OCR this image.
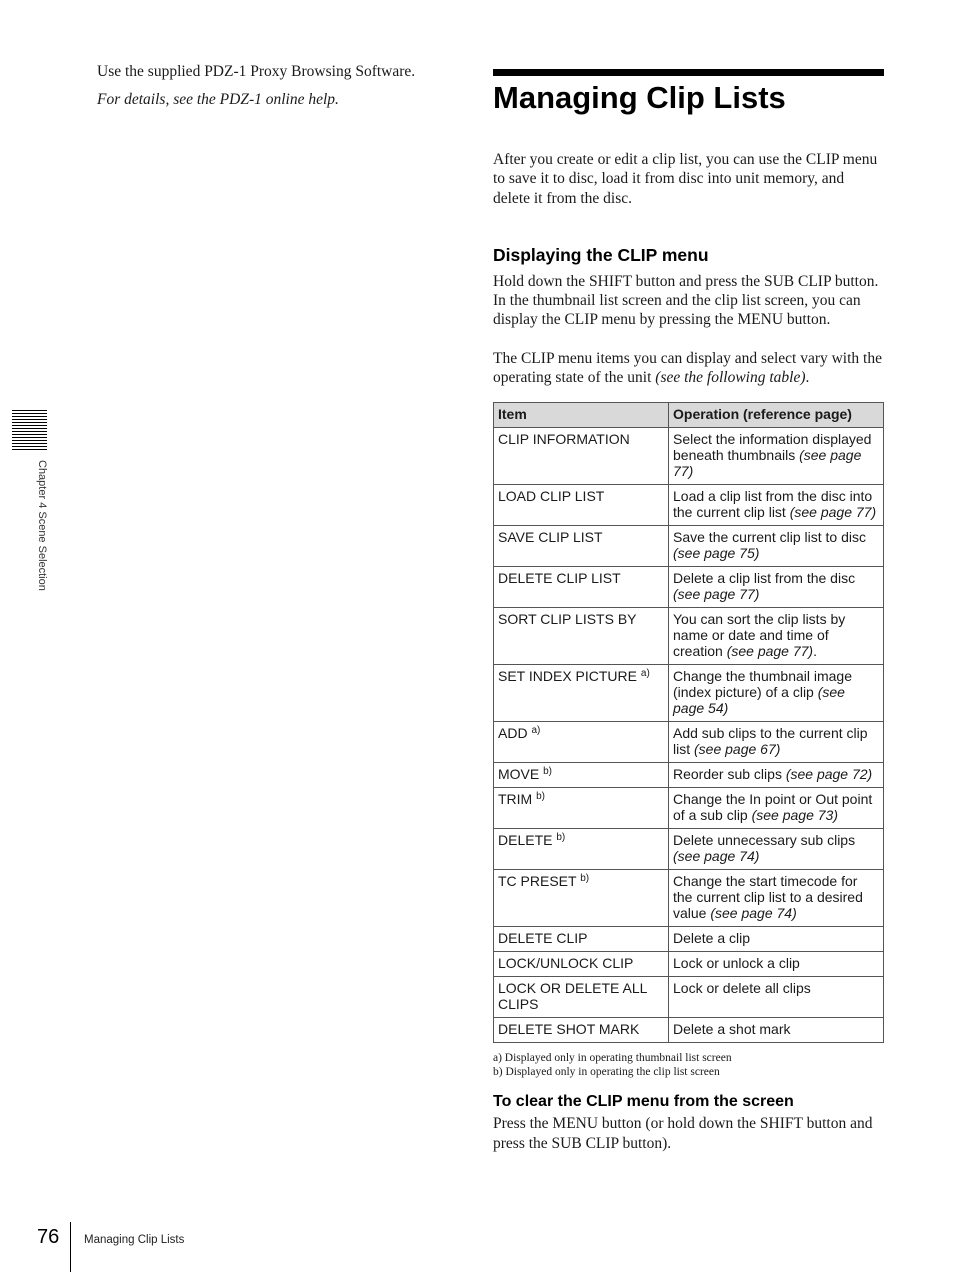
Use the supplied PDZ-1 Proxy Browsing Software.

For details, see the PDZ-1 online help.	Managing Clip Lists

After you create or edit a clip list, you can use the CLIP menu to save it to disc, load it from disc into unit memory, and delete it from the disc.

Displaying the CLIP menu

Hold down the SHIFT button and press the SUB CLIP button.

In the thumbnail list screen and the clip list screen, you can display the CLIP menu by pressing the MENU button.

The CLIP menu items you can display and select vary with the operating state of the unit (see the following table).

Item	Operation (reference page)
CLIP INFORMATION	Select the information displayed beneath thumbnails (see page 77)
LOAD CLIP LIST	Load a clip list from the disc into the current clip list (see page 77)
SAVE CLIP LIST	Save the current clip list to disc (see page 75)
DELETE CLIP LIST	Delete a clip list from the disc (see page 77)
SORT CLIP LISTS BY	You can sort the clip lists by name or date and time of creation (see page 77).
SET INDEX PICTURE $^{a)}$	Change the thumbnail image (index picture) of a clip (see page 54)
ADD $^{a)}$	Add sub clips to the current clip list (see page 67)
MOVE $^{b)}$	Reorder sub clips (see page 72)
TRIM $^{b)}$	Change the In point or Out point of a sub clip (see page 73)
DELETE $^{b)}$	Delete unnecessary sub clips (see page 74)
TC PRESET $^{b)}$	Change the start timecode for the current clip list to a desired value (see page 74)
DELETE CLIP	Delete a clip
LOCK/UNLOCK CLIP	Lock or unlock a clip
LOCK OR DELETE ALL CLIPS	Lock or delete all clips
DELETE SHOT MARK	Delete a shot mark
a) Displayed only in operating thumbnail list screen
b) Displayed only in operating the clip list screen
To clear the CLIP menu from the screen

Press the MENU button (or hold down the SHIFT button and press the SUB CLIP button).

Chapter 4 Scene Selection
76 Managing Clip Lists
